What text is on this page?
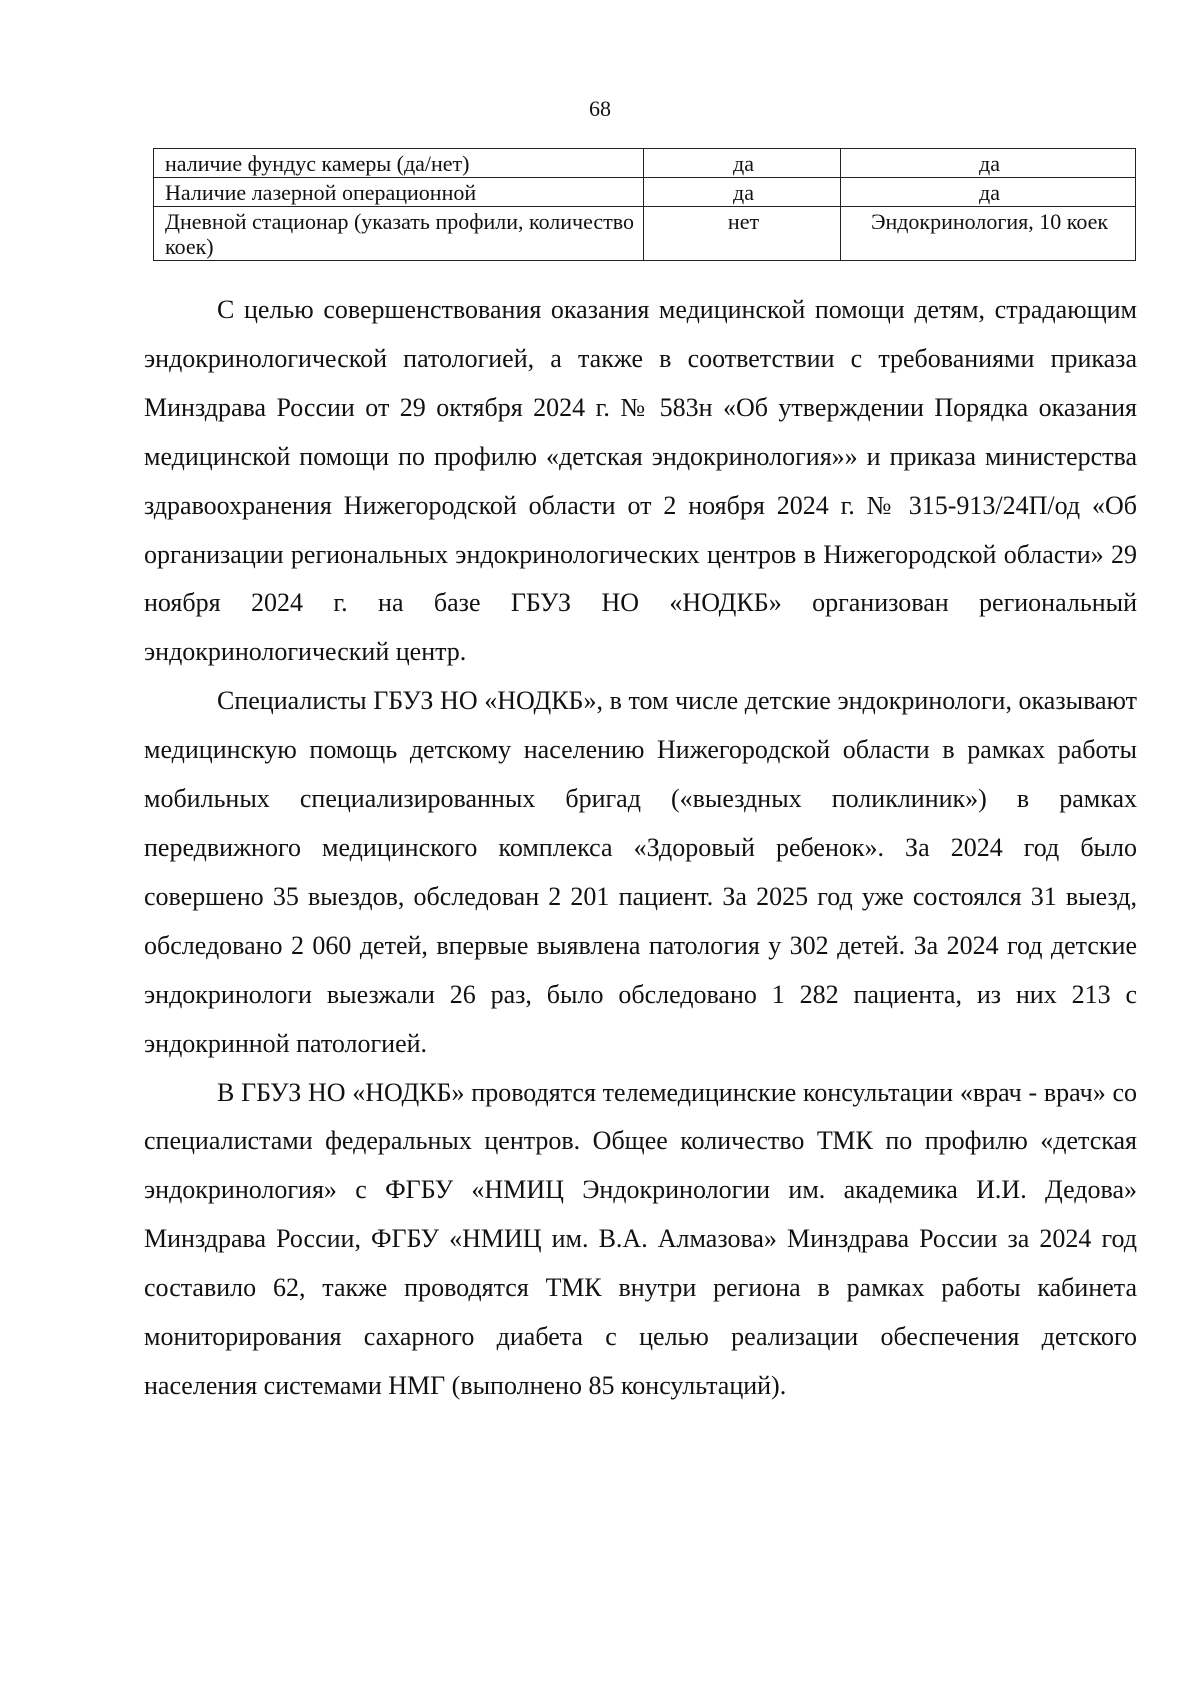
68
наличие фундус камеры (да/нет)	да	да
Наличие лазерной операционной	да	да
Дневной стационар (указать профили, количество коек)	нет	Эндокринология, 10 коек

С целью совершенствования оказания медицинской помощи детям, страдающим эндокринологической патологией, а также в соответствии с требованиями приказа Минздрава России от 29 октября 2024 г. № 583н «Об утверждении Порядка оказания медицинской помощи по профилю «детская эндокринология»» и приказа министерства здравоохранения Нижегородской области от 2 ноября 2024 г. № 315-913/24П/од «Об организации региональных эндокринологических центров в Нижегородской области» 29 ноября 2024 г. на базе ГБУЗ НО «НОДКБ» организован региональный эндокринологический центр.

Специалисты ГБУЗ НО «НОДКБ», в том числе детские эндокринологи, оказывают медицинскую помощь детскому населению Нижегородской области в рамках работы мобильных специализированных бригад («выездных поликлиник») в рамках передвижного медицинского комплекса «Здоровый ребенок». За 2024 год было совершено 35 выездов, обследован 2 201 пациент. За 2025 год уже состоялся 31 выезд, обследовано 2 060 детей, впервые выявлена патология у 302 детей. За 2024 год детские эндокринологи выезжали 26 раз, было обследовано 1 282 пациента, из них 213 с эндокринной патологией.

В ГБУЗ НО «НОДКБ» проводятся телемедицинские консультации «врач - врач» со специалистами федеральных центров. Общее количество ТМК по профилю «детская эндокринология» с ФГБУ «НМИЦ Эндокринологии им. академика И.И. Дедова» Минздрава России, ФГБУ «НМИЦ им. В.А. Алмазова» Минздрава России за 2024 год составило 62, также проводятся ТМК внутри региона в рамках работы кабинета мониторирования сахарного диабета с целью реализации обеспечения детского населения системами НМГ (выполнено 85 консультаций).
